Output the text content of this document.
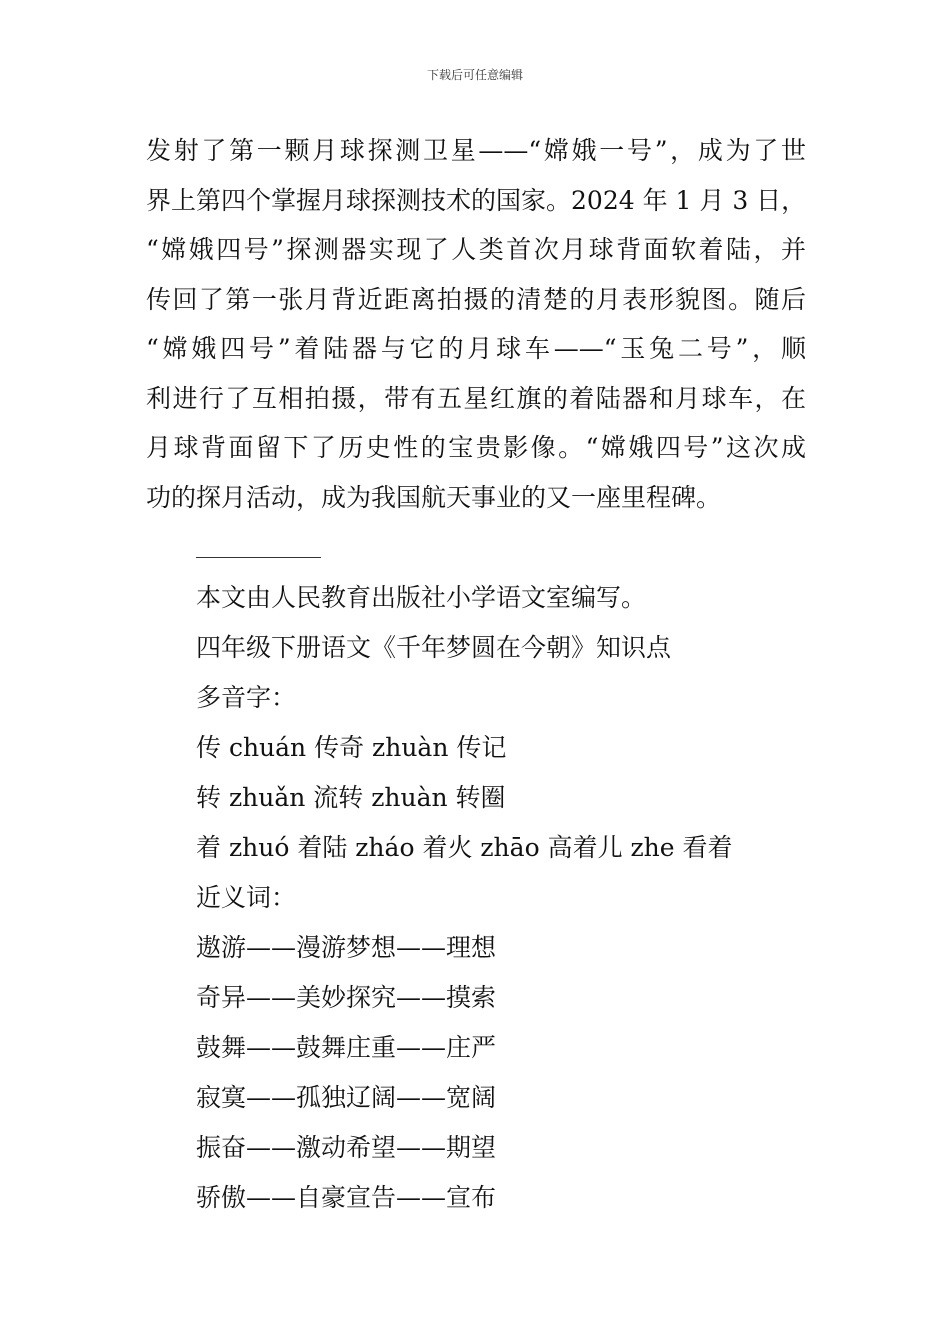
下载后可任意编辑
发射了第一颗月球探测卫星——“嫦娥一号”，成为了世
界上第四个掌握月球探测技术的国家。2024 年 1 月 3 日，
“嫦娥四号”探测器实现了人类首次月球背面软着陆，并
传回了第一张月背近距离拍摄的清楚的月表形貌图。随后
“嫦娥四号”着陆器与它的月球车——“玉兔二号”，顺
利进行了互相拍摄，带有五星红旗的着陆器和月球车，在
月球背面留下了历史性的宝贵影像。“嫦娥四号”这次成
功的探月活动，成为我国航天事业的又一座里程碑。
本文由人民教育出版社小学语文室编写。
四年级下册语文《千年梦圆在今朝》知识点
多音字：
传 chuán 传奇 zhuàn 传记
转 zhuǎn 流转 zhuàn 转圈
着 zhuó 着陆 zháo 着火 zhāo 高着儿 zhe 看着
近义词：
遨游——漫游梦想——理想
奇异——美妙探究——摸索
鼓舞——鼓舞庄重——庄严
寂寞——孤独辽阔——宽阔
振奋——激动希望——期望
骄傲——自豪宣告——宣布
